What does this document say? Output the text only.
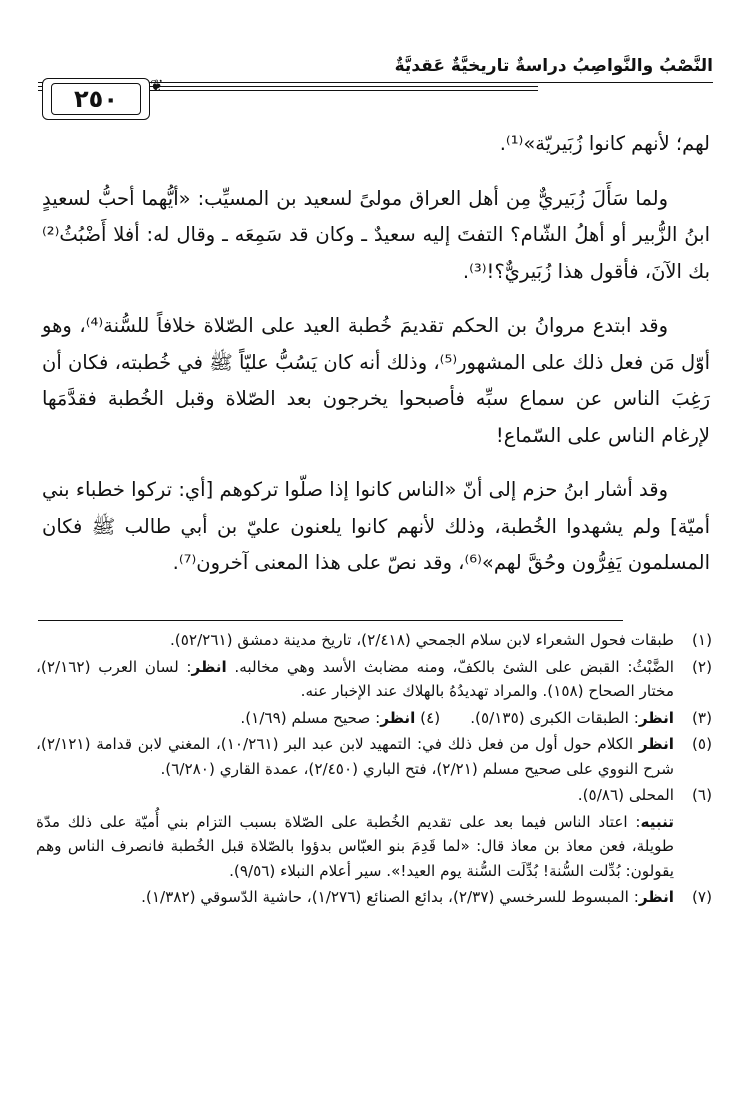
النَّصْبُ والنَّواصِبُ دراسةٌ تاريخيَّةٌ عَقديَّةٌ
❦
٢٥٠

لهم؛ لأنهم كانوا زُبَيريّة»⁽¹⁾.

ولما سَأَلَ زُبَيريٌّ مِن أهل العراق مولىً لسعيد بن المسيِّب: «أيُّهما أحبُّ لسعيدٍ ابنُ الزُّبير أو أهلُ الشّام؟ التفتَ إليه سعيدٌ ـ وكان قد سَمِعَه ـ وقال له: أفلا أَضْبُثُ⁽²⁾ بك الآنَ، فأقول هذا زُبَيريٌّ؟!⁽³⁾.

وقد ابتدع مروانُ بن الحكم تقديمَ خُطبة العيد على الصّلاة خلافاً للسُّنة⁽⁴⁾، وهو أوّل مَن فعل ذلك على المشهور⁽⁵⁾، وذلك أنه كان يَسُبُّ عليّاً ﷺ في خُطبته، فكان أن رَغِبَ الناس عن سماع سبِّه فأصبحوا يخرجون بعد الصّلاة وقبل الخُطبة فقدَّمَها لإرغام الناس على السّماع!

وقد أشار ابنُ حزم إلى أنّ «الناس كانوا إذا صلّوا تركوهم [أي: تركوا خطباء بني أميّة] ولم يشهدوا الخُطبة، وذلك لأنهم كانوا يلعنون عليّ بن أبي طالب ﷺ فكان المسلمون يَفِرُّون وحُقَّ لهم»⁽⁶⁾، وقد نصّ على هذا المعنى آخرون⁽⁷⁾.

(١)
طبقات فحول الشعراء لابن سلام الجمحي (٢/٤١٨)، تاريخ مدينة دمشق (٥٢/٢٦١).
(٢)
الضَّبْثُ: القبض على الشئ بالكفّ، ومنه مضابث الأسد وهي مخالبه. انظر: لسان العرب (٢/١٦٢)، مختار الصحاح (١٥٨). والمراد تهديدُهُ بالهلاك عند الإخبار عنه.
(٣)
انظر: الطبقات الكبرى (٥/١٣٥).
(٤) انظر: صحيح مسلم (١/٦٩).
(٥)
انظر الكلام حول أول من فعل ذلك في: التمهيد لابن عبد البر (١٠/٢٦١)، المغني لابن قدامة (٢/١٢١)، شرح النووي على صحيح مسلم (٢/٢١)، فتح الباري (٢/٤٥٠)، عمدة القاري (٦/٢٨٠).
(٦)
المحلى (٥/٨٦).
تنبيه: اعتاد الناس فيما بعد على تقديم الخُطبة على الصّلاة بسبب التزام بني أُميّة على ذلك مدّة طويلة، فعن معاذ بن معاذ قال: «لما قَدِمَ بنو العبّاس بدؤوا بالصّلاة قبل الخُطبة فانصرف الناس وهم يقولون: بُدِّلت السُّنة! بُدِّلَت السُّنة يوم العيد!». سير أعلام النبلاء (٩/٥٦).
(٧)
انظر: المبسوط للسرخسي (٢/٣٧)، بدائع الصنائع (١/٢٧٦)، حاشية الدّسوقي (١/٣٨٢).
